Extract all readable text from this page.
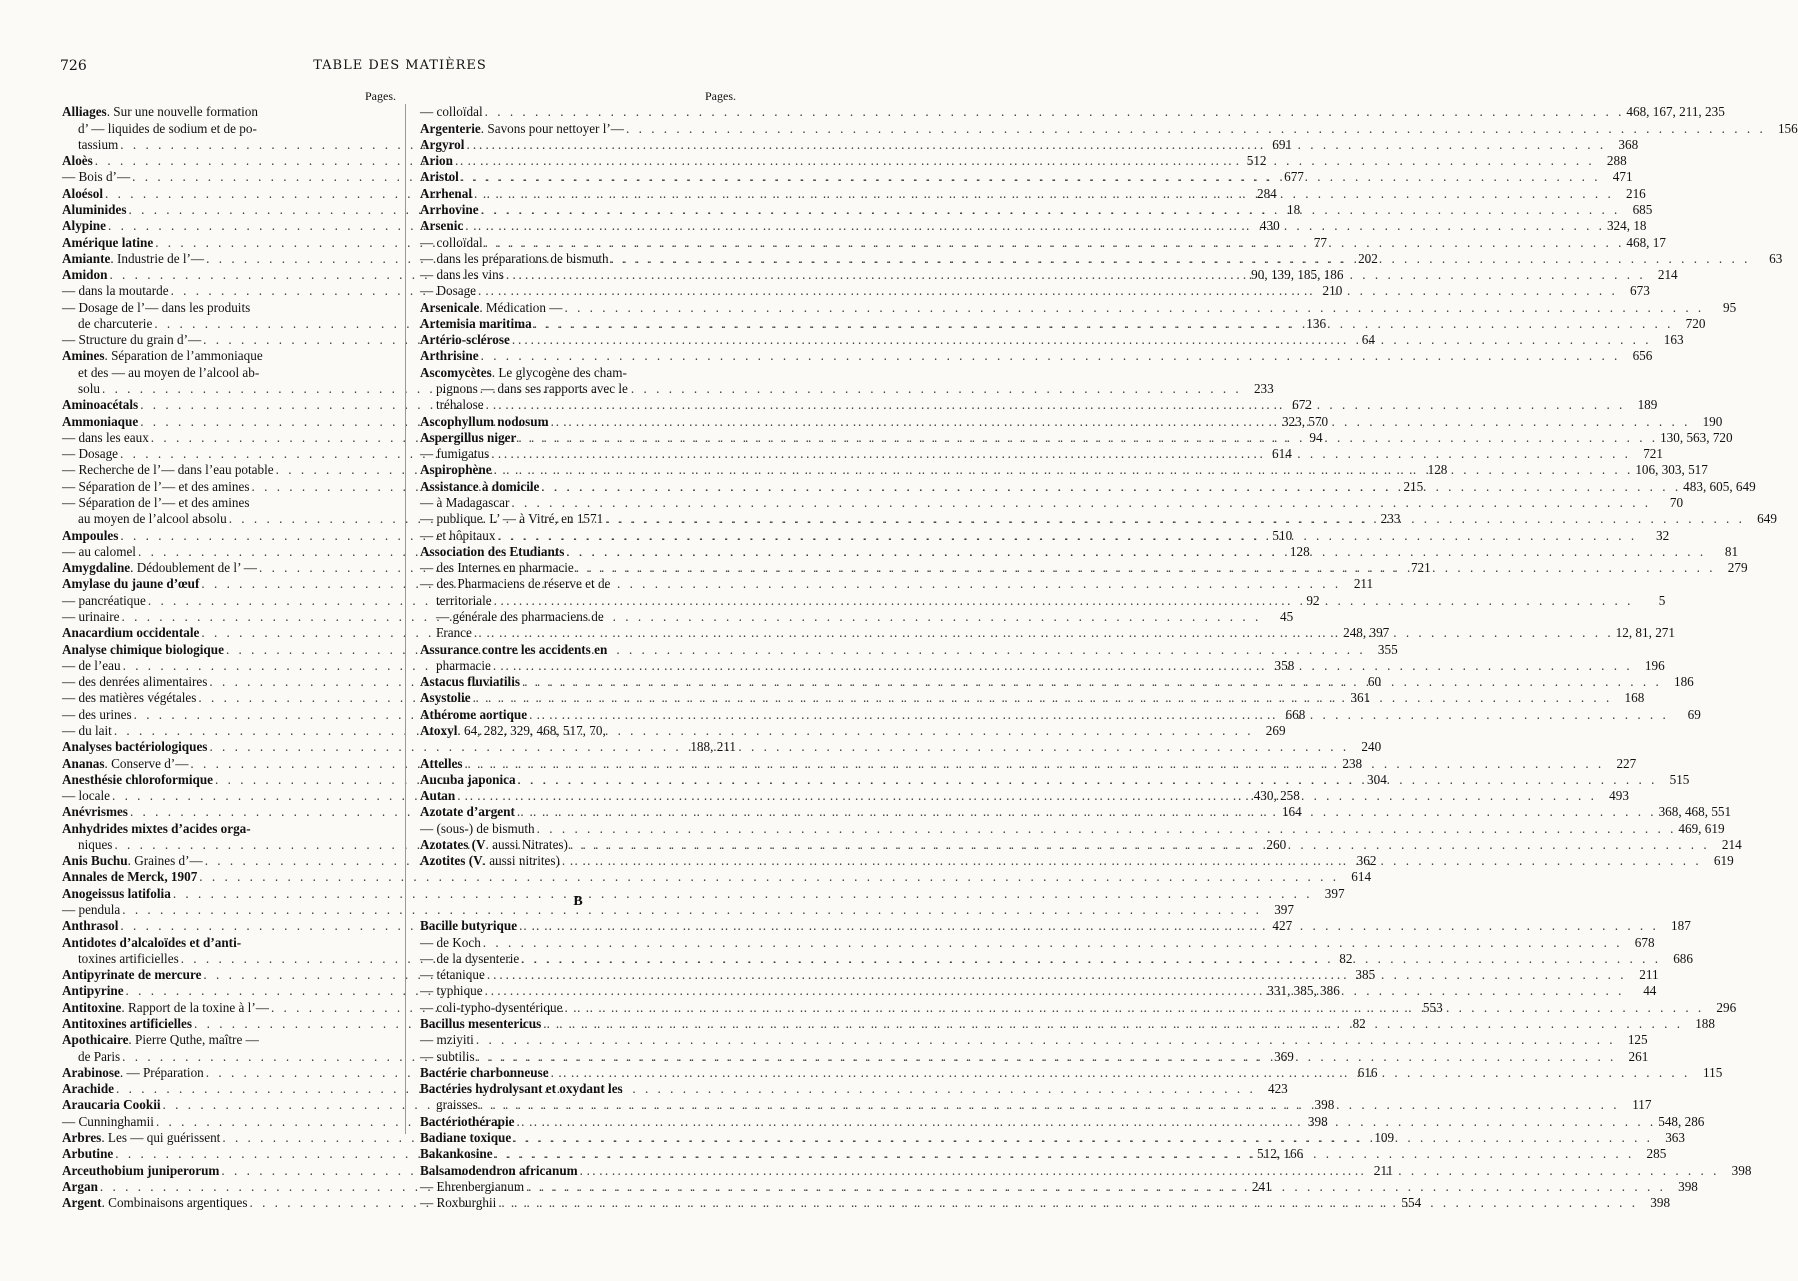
726	TABLE DES MATIÈRES
Pages.
Alliages. Sur une nouvelle formation
d’ — liquides de sodium et de po-
tassium . . .	691
Aloès . . .	512
— Bois d’— . . .	677
Aloésol . . .	284
Aluminides . . .	18
Alypine . . .	430
Amérique latine . . .	77
Amiante. Industrie de l’— . . .	202
Amidon . . .	90, 139, 185, 186
— dans la moutarde . . .	210
— Dosage de l’— dans les produits
de charcuterie . . .	136
— Structure du grain d’— . . .	64
Amines. Séparation de l’ammoniaque
et des — au moyen de l’alcool ab-
solu . . .	233
Aminoacétals . . .	672
Ammoniaque . . .	323, 570
— dans les eaux . . .	94
— Dosage . . .	614
— Recherche de l’— dans l’eau potable . . .	128
— Séparation de l’— et des amines . . .	215
— Séparation de l’— et des amines
au moyen de l’alcool absolu . . .	233
Ampoules . . .	510
— au calomel . . .	128
Amygdaline. Dédoublement de l’ — . . .	721
Amylase du jaune d’œuf . . .	211
— pancréatique . . .	92
— urinaire . . .	45
Anacardium occidentale . . .	248, 397
Analyse chimique biologique . . .	355
— de l’eau . . .	358
— des denrées alimentaires . . .	60
— des matières végétales . . .	361
— des urines . . .	668
— du lait . . .	269
Analyses bactériologiques . . .	240
Ananas. Conserve d’— . . .	238
Anesthésie chloroformique . . .	304
— locale . . .	430, 258
Anévrismes . . .	164
Anhydrides mixtes d’acides orga-
niques . . .	260
Anis Buchu. Graines d’— . . .	362
Annales de Merck, 1907 . . .	614
Anogeissus latifolia . . .	397
— pendula . . .	397
Anthrasol . . .	427
Antidotes d’alcaloïdes et d’anti-
toxines artificielles . . .	82
Antipyrinate de mercure . . .	385
Antipyrine . . .	331, 385, 386
Antitoxine. Rapport de la toxine à l’— . . .	553
Antitoxines artificielles . . .	82
Apothicaire. Pierre Quthe, maître —
de Paris . . .	369
Arabinose. — Préparation . . .	616
Arachide . . .	423
Araucaria Cookii . . .	398
— Cunninghamii . . .	398
Arbres. Les — qui guérissent . . .	109
Arbutine . . .	512, 166
Arceuthobium juniperorum . . .	211
Argan . . .	241
Argent. Combinaisons argentiques . . .	554
Pages.
— colloïdal . . .	468, 167, 211, 235
Argenterie. Savons pour nettoyer l’— . . .	156
Argyrol . . .	368
Arion . . .	288
Aristol . . .	471
Arrhenal . . .	216
Arrhovine . . .	685
Arsenic . . .	324, 18
— colloïdal . . .	468, 17
— dans les préparations de bismuth . . .	63
— dans les vins . . .	214
— Dosage . . .	673
Arsenicale. Médication — . . .	95
Artemisia maritima . . .	720
Artério-sclérose . . .	163
Arthrisine . . .	656
Ascomycètes. Le glycogène des cham-
pignons — dans ses rapports avec le
tréhalose . . .	189
Ascophyllum nodosum . . .	190
Aspergillus niger . . .	130, 563, 720
— fumigatus . . .	721
Aspirophène . . .	106, 303, 517
Assistance à domicile . . .	483, 605, 649
— à Madagascar . . .	70
— publique. L’ — à Vitré, en 1571 . . .	649
— et hôpitaux . . .	32
Association des Etudiants . . .	81
— des Internes en pharmacie . . .	279
— des Pharmaciens de réserve et de
territoriale . . .	5
— générale des pharmaciens de
France . . .	12, 81, 271
Assurance contre les accidents en
pharmacie . . .	196
Astacus fluviatilis . . .	186
Asystolie . . .	168
Athérome aortique . . .	69
Atoxyl. 64, 282, 329, 468, 517, 70,
188, 211
Attelles . . .	227
Aucuba japonica . . .	515
Autan . . .	493
Azotate d’argent . . .	368, 468, 551
— (sous-) de bismuth . . .	469, 619
Azotates (V. aussi Nitrates) . . .	214
Azotites (V. aussi nitrites) . . .	619
B
Bacille butyrique . . .	187
— de Koch . . .	678
— de la dysenterie . . .	686
— tétanique . . .	211
— typhique . . .	44
— coli-typho-dysentérique . . .	296
Bacillus mesentericus . . .	188
— mziyiti . . .	125
— subtilis . . .	261
Bactérie charbonneuse . . .	115
Bactéries hydrolysant et oxydant les
graisses . . .	117
Bactériothérapie . . .	548, 286
Badiane toxique . . .	363
Bakankosine . . .	285
Balsamodendron africanum . . .	398
— Ehrenbergianum . . .	398
— Roxburghii . . .	398
